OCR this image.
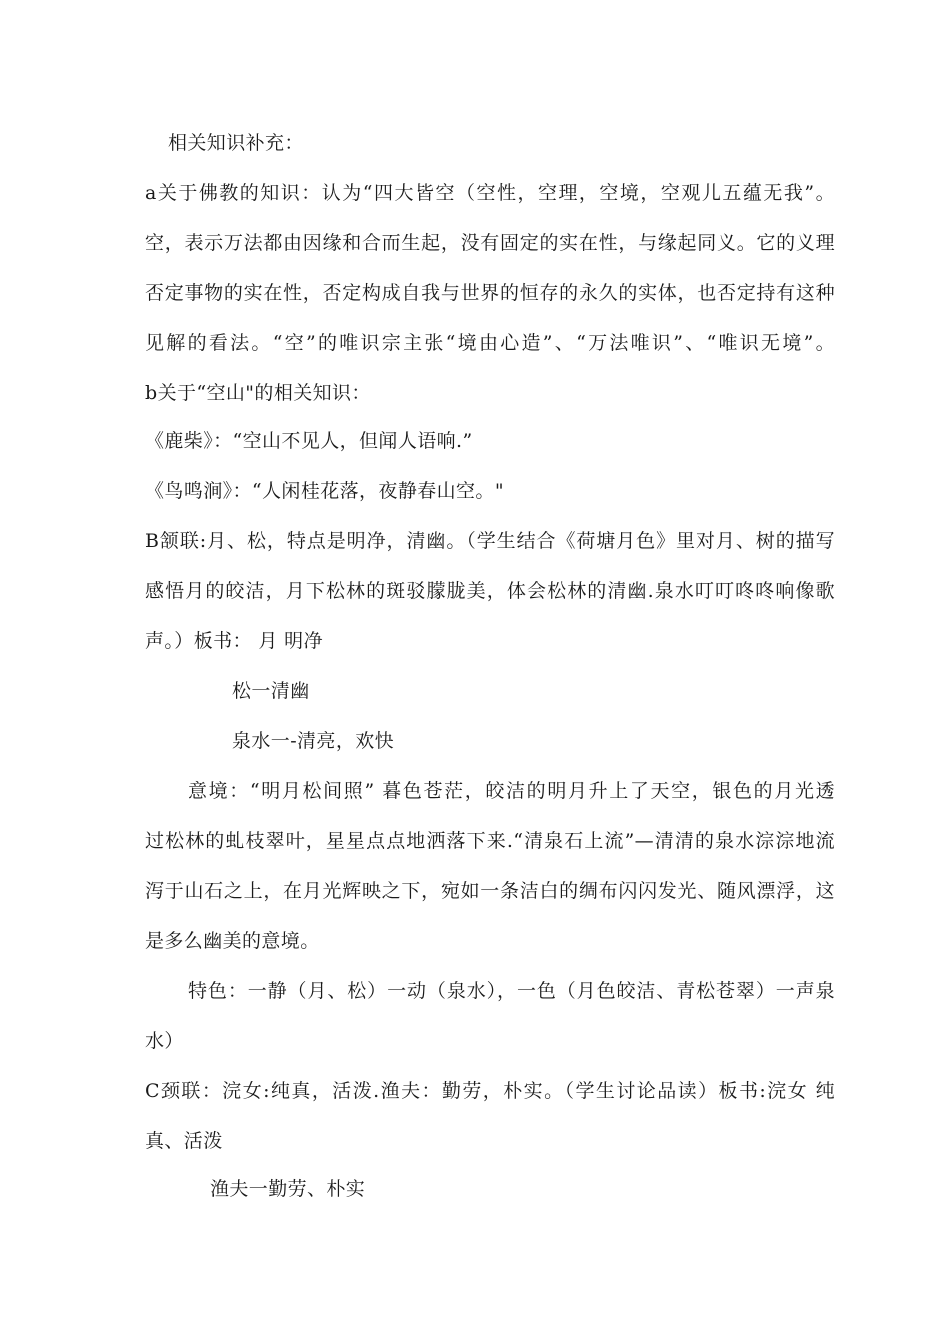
相关知识补充：
a关于佛教的知识：认为“四大皆空（空性，空理，空境，空观儿五蕴无我”。
空，表示万法都由因缘和合而生起，没有固定的实在性，与缘起同义。它的义理
否定事物的实在性，否定构成自我与世界的恒存的永久的实体，也否定持有这种
见解的看法。“空”的唯识宗主张“境由心造”、“万法唯识”、“唯识无境”。
b关于“空山"的相关知识：
《鹿柴》：“空山不见人，但闻人语响.”
《鸟鸣涧》：“人闲桂花落，夜静春山空。"
B颔联:月、松，特点是明净，清幽。（学生结合《荷塘月色》里对月、树的描写
感悟月的皎洁，月下松林的斑驳朦胧美，体会松林的清幽.泉水叮叮咚咚响像歌
声。）板书： 月 明净
松一清幽
泉水一-清亮，欢快
意境：“明月松间照” 暮色苍茫，皎洁的明月升上了天空，银色的月光透
过松林的虬枝翠叶，星星点点地洒落下来.“清泉石上流”—清清的泉水淙淙地流
泻于山石之上，在月光辉映之下，宛如一条洁白的绸布闪闪发光、随风漂浮，这
是多么幽美的意境。
特色：一静（月、松）一动（泉水），一色（月色皎洁、青松苍翠）一声泉
水）
C颈联：浣女:纯真，活泼.渔夫：勤劳，朴实。（学生讨论品读）板书:浣女 纯
真、活泼
渔夫一勤劳、朴实
